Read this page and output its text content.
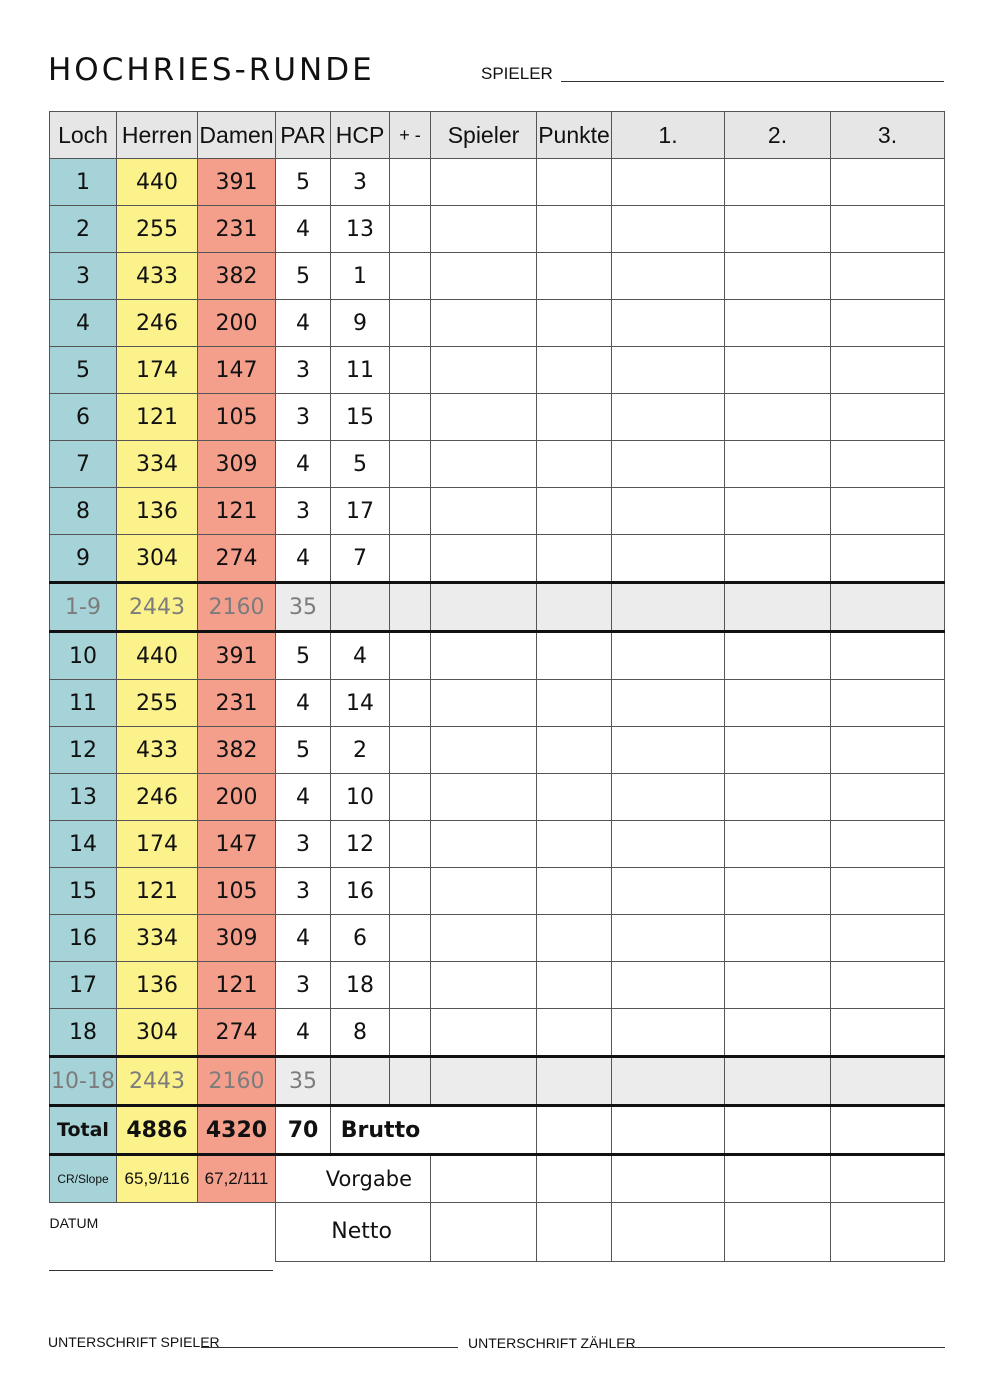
HOCHRIES-RUNDE	SPIELER
Loch	Herren	Damen	PAR	HCP	+ -	Spieler	Punkte	1.	2.	3.
1	440	391	5	3						
2	255	231	4	13						
3	433	382	5	1						
4	246	200	4	9						
5	174	147	3	11						
6	121	105	3	15						
7	334	309	4	5						
8	136	121	3	17						
9	304	274	4	7						
1-9	2443	2160	35							
10	440	391	5	4						
11	255	231	4	14						
12	433	382	5	2						
13	246	200	4	10						
14	174	147	3	12						
15	121	105	3	16						
16	334	309	4	6						
17	136	121	3	18						
18	304	274	4	8						
10-18	2443	2160	35							
Total	4886	4320	70	Brutto						
CR/Slope	65,9/116	67,2/111	Vorgabe							
DATUM			Netto							
UNTERSCHRIFT SPIELER	UNTERSCHRIFT ZÄHLER
